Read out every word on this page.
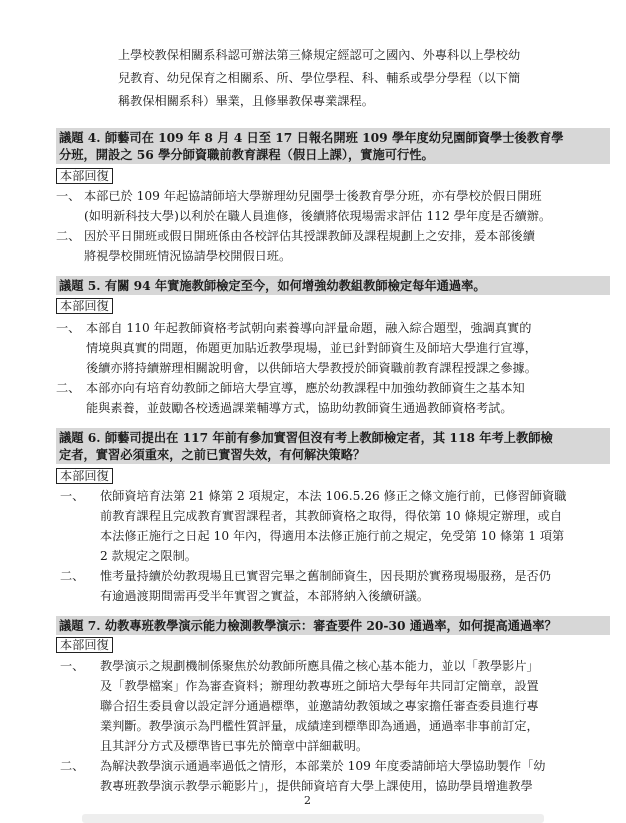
上學校教保相關系科認可辦法第三條規定經認可之國內、外專科以上學校幼
兒教育、幼兒保育之相關系、所、學位學程、科、輔系或學分學程（以下簡
稱教保相關系科）畢業，且修畢教保專業課程。
議題 4. 師藝司在 109 年 8 月 4 日至 17 日報名開班 109 學年度幼兒園師資學士後教育學
分班，開設之 56 學分師資職前教育課程（假日上課），實施可行性。
本部回復
一、 本部已於 109 年起協請師培大學辦理幼兒園學士後教育學分班，亦有學校於假日開班
(如明新科技大學)以利於在職人員進修，後續將依現場需求評估 112 學年度是否續辦。
二、 因於平日開班或假日開班係由各校評估其授課教師及課程規劃上之安排，爰本部後續
將視學校開班情況協請學校開假日班。
議題 5. 有關 94 年實施教師檢定至今，如何增強幼教組教師檢定每年通過率。
本部回復
一、 本部自 110 年起教師資格考試朝向素養導向評量命題，融入綜合題型，強調真實的
情境與真實的問題，佈題更加貼近教學現場，並已針對師資生及師培大學進行宣導，
後續亦將持續辦理相關說明會，以供師培大學教授於師資職前教育課程授課之參據。
二、 本部亦向有培育幼教師之師培大學宣導，應於幼教課程中加強幼教師資生之基本知
能與素養，並鼓勵各校透過課業輔導方式，協助幼教師資生通過教師資格考試。
議題 6. 師藝司提出在 117 年前有參加實習但沒有考上教師檢定者，其 118 年考上教師檢
定者，實習必須重來，之前已實習失效，有何解決策略？
本部回復
一、 依師資培育法第 21 條第 2 項規定，本法 106.5.26 修正之條文施行前，已修習師資職
前教育課程且完成教育實習課程者，其教師資格之取得，得依第 10 條規定辦理，或自
本法修正施行之日起 10 年內，得適用本法修正施行前之規定，免受第 10 條第 1 項第
2 款規定之限制。
二、 惟考量持續於幼教現場且已實習完畢之舊制師資生，因長期於實務現場服務，是否仍
有逾過渡期間需再受半年實習之實益，本部將納入後續研議。
議題 7. 幼教專班教學演示能力檢測教學演示：審查要件 20-30 通過率，如何提高通過率？
本部回復
一、 教學演示之規劃機制係聚焦於幼教師所應具備之核心基本能力，並以「教學影片」
及「教學檔案」作為審查資料；辦理幼教專班之師培大學每年共同訂定簡章，設置
聯合招生委員會以設定評分通過標準，並邀請幼教領域之專家擔任審查委員進行專
業判斷。教學演示為門檻性質評量，成績達到標準即為通過，通過率非事前訂定，
且其評分方式及標準皆已事先於簡章中詳細載明。
二、 為解決教學演示通過率過低之情形，本部業於 109 年度委請師培大學協助製作「幼
教專班教學演示教學示範影片」，提供師資培育大學上課使用，協助學員增進教學
2
